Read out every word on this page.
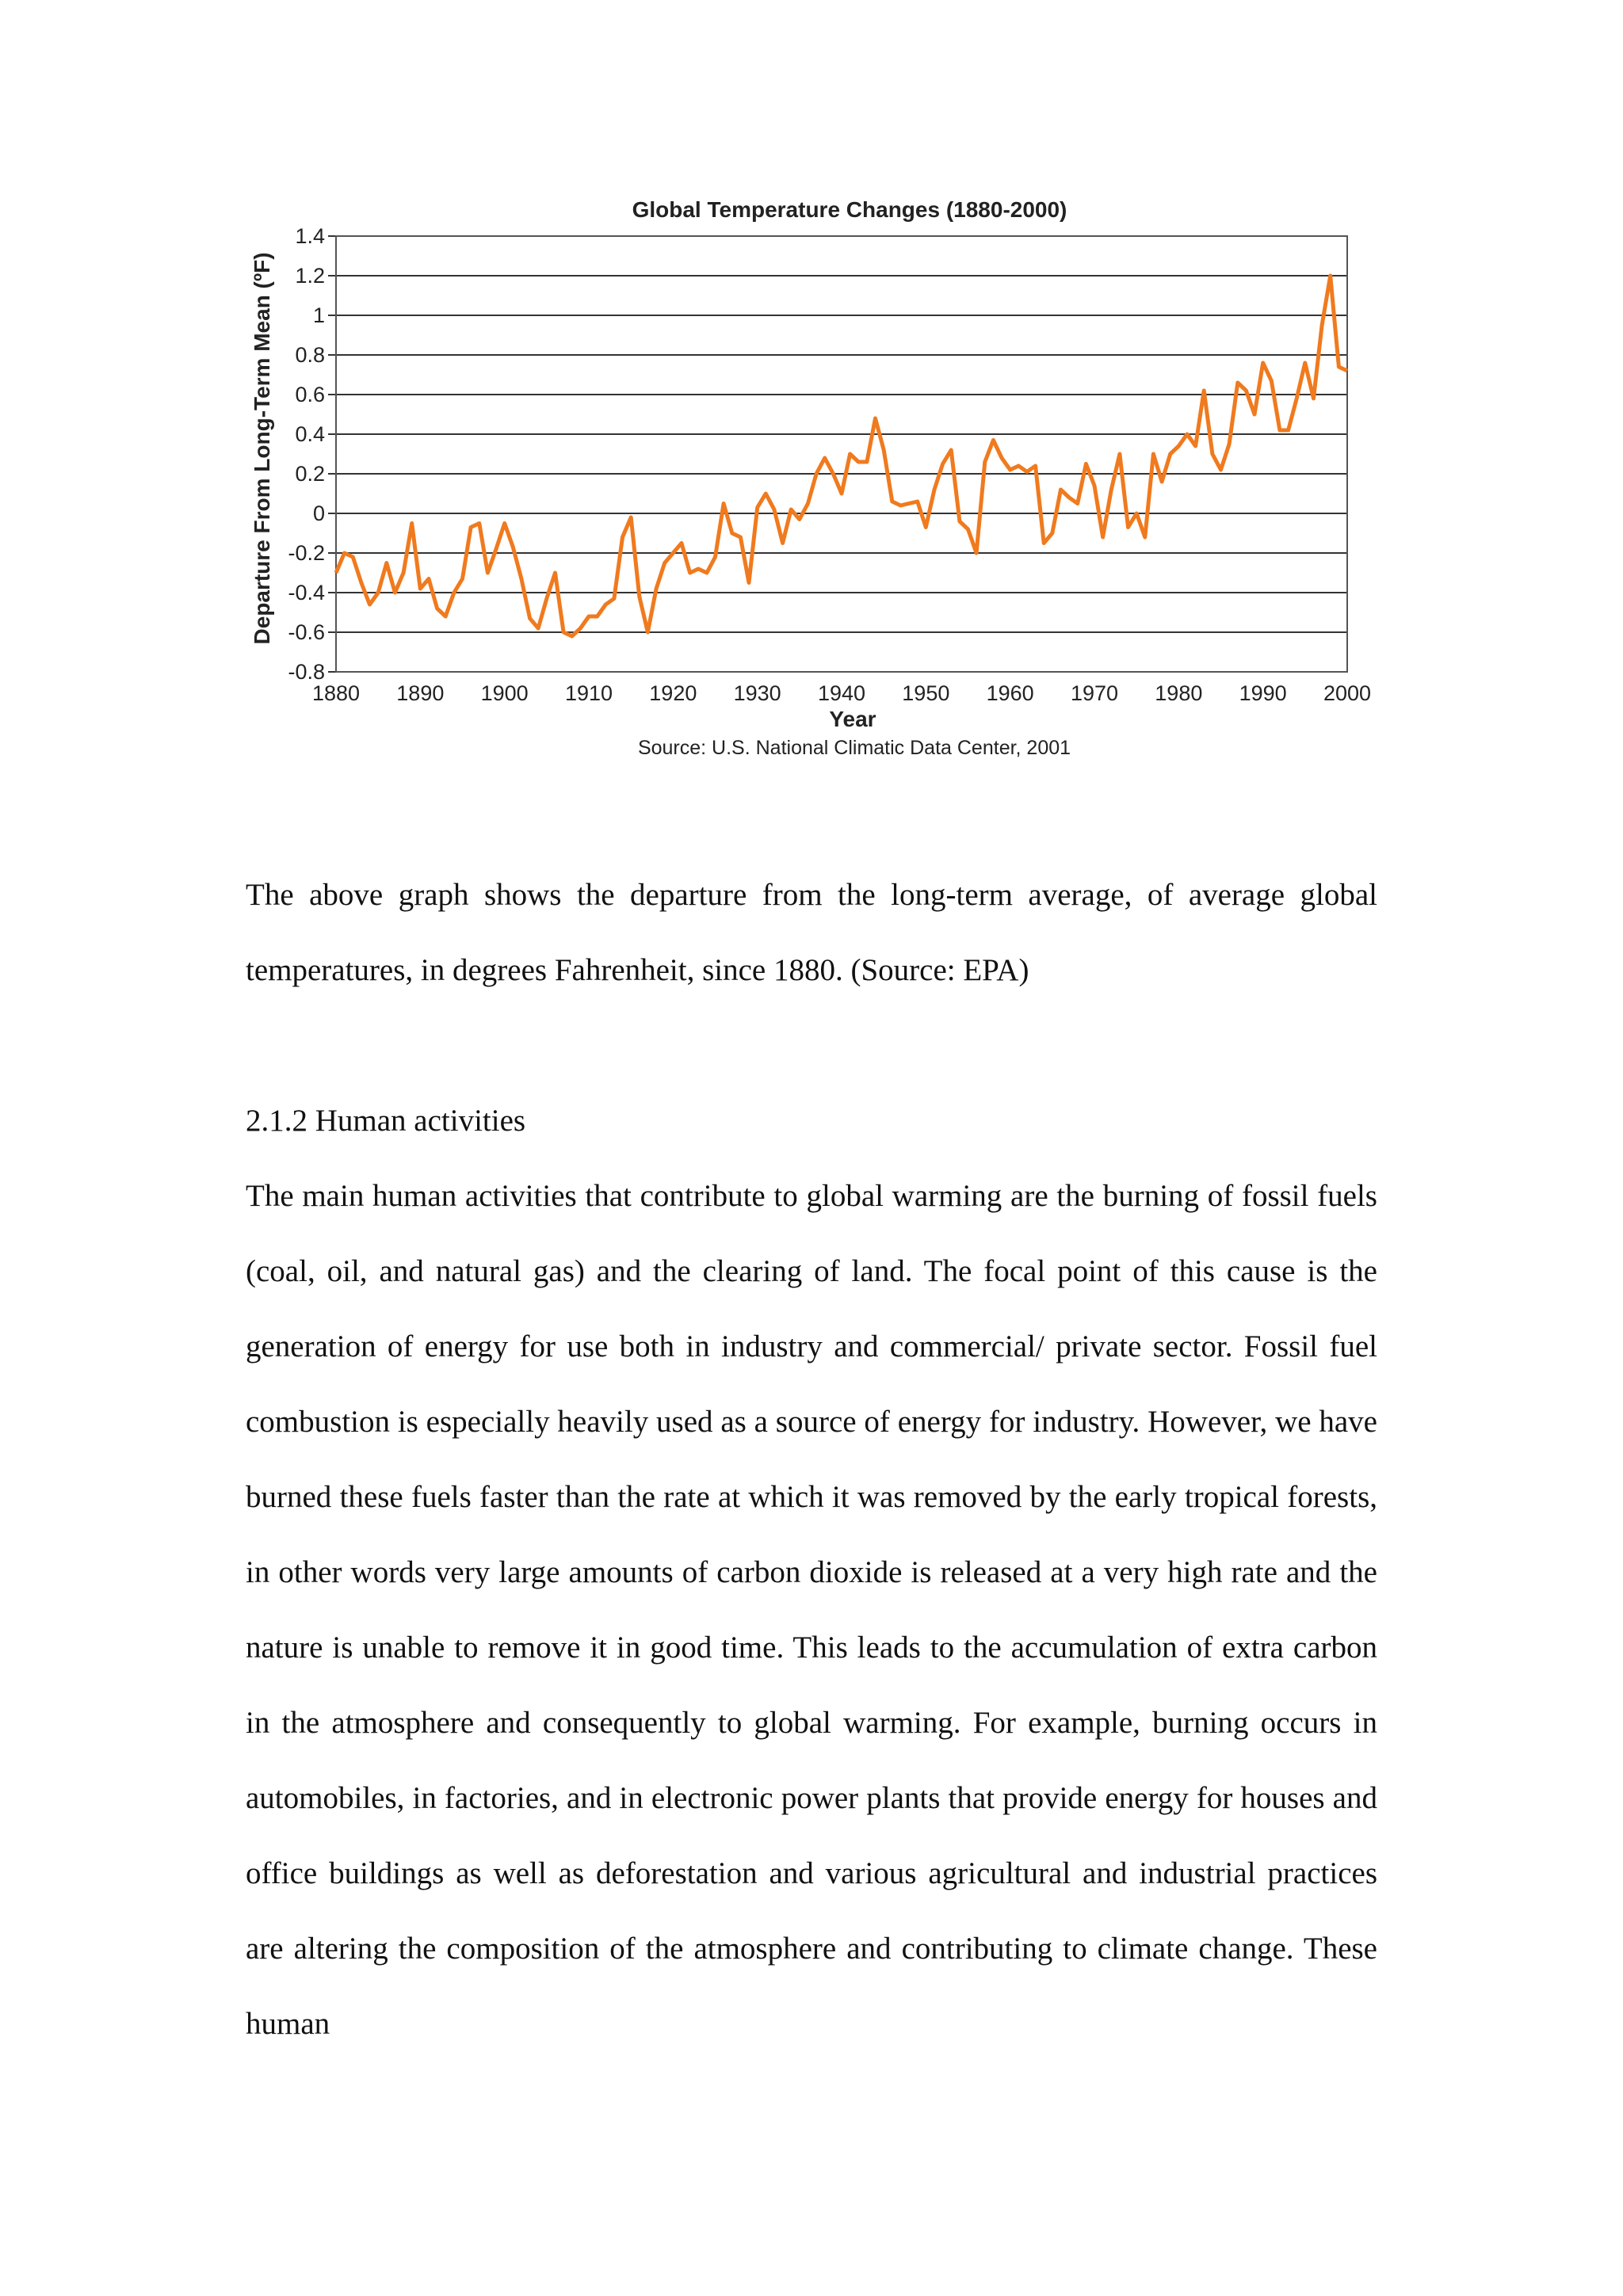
Global Temperature Changes (1880-2000)
1.4
1.2
1
0.8
0.6
0.4
0.2
0
-0.2
-0.4
-0.6
-0.8
1880 1890 1900 1910 1920 1930 1940 1950 1960 1970 1980 1990 2000
Departure From Long-Term Mean (ºF)
Year
Source: U.S. National Climatic Data Center, 2001

The above graph shows the departure from the long-term average, of average global temperatures, in degrees Fahrenheit, since 1880. (Source: EPA)

2.1.2 Human activities

The main human activities that contribute to global warming are the burning of fossil fuels (coal, oil, and natural gas) and the clearing of land. The focal point of this cause is the generation of energy for use both in industry and commercial/ private sector. Fossil fuel combustion is especially heavily used as a source of energy for industry. However, we have burned these fuels faster than the rate at which it was removed by the early tropical forests, in other words very large amounts of carbon dioxide is released at a very high rate and the nature is unable to remove it in good time. This leads to the accumulation of extra carbon in the atmosphere and consequently to global warming. For example, burning occurs in automobiles, in factories, and in electronic power plants that provide energy for houses and office buildings as well as deforestation and various agricultural and industrial practices are altering the composition of the atmosphere and contributing to climate change. These human
